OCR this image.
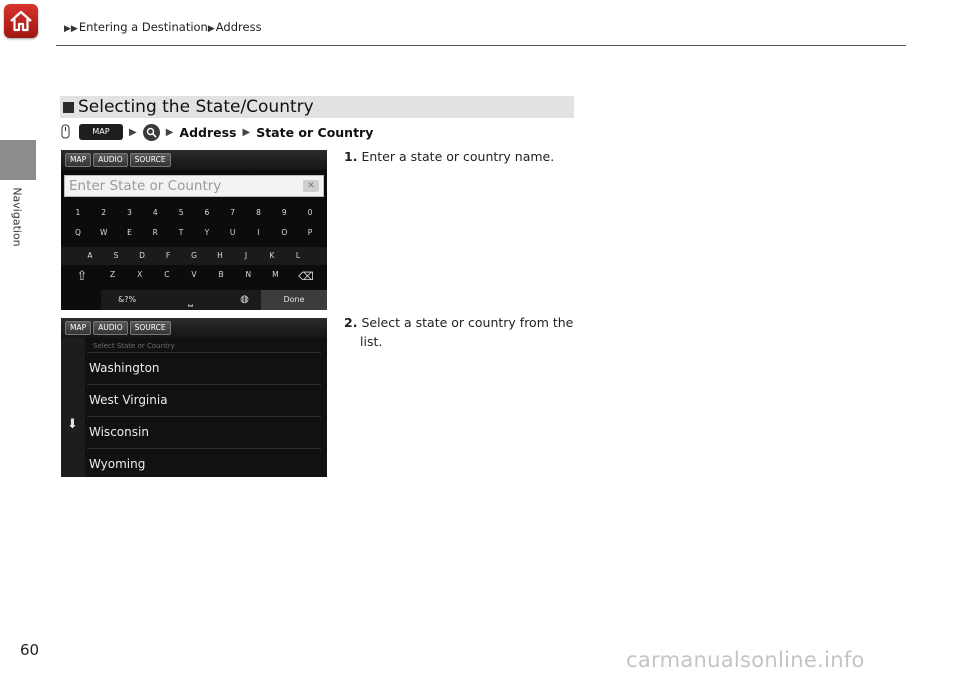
▶▶Entering a Destination▶Address
Navigation
Selecting the State/Country
MAP	▶	▶ Address ▶ State or Country
MAP	AUDIO	SOURCE
Enter State or Country	✕
1	2	3	4	5	6	7	8	9	0
Q	W	E	R	T	Y	U	I	O	P
A	S	D	F	G	H	J	K	L
⇧	Z	X	C	V	B	N	M	⌫
&?%	⎵	◍	Done
MAP	AUDIO	SOURCE
⬇
Select State or Country
Washington
West Virginia
Wisconsin
Wyoming
1. Enter a state or country name.
2. Select a state or country from the list.
60	carmanualsonline.info
